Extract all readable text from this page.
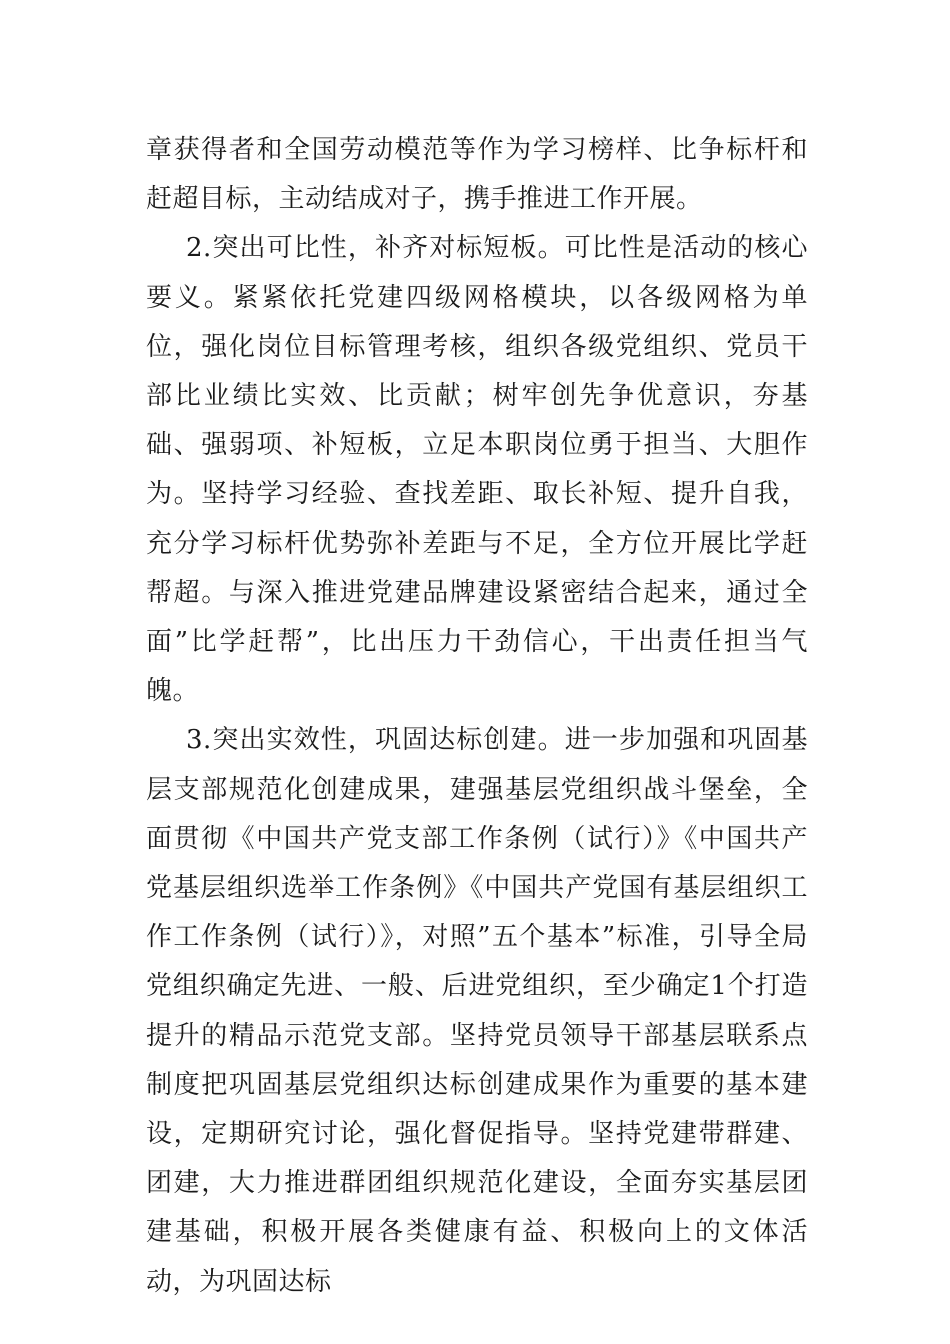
章获得者和全国劳动模范等作为学习榜样、比争标杆和赶超目标，主动结成对子，携手推进工作开展。

2.突出可比性，补齐对标短板。可比性是活动的核心要义。紧紧依托党建四级网格模块，以各级网格为单位，强化岗位目标管理考核，组织各级党组织、党员干部比业绩比实效、比贡献；树牢创先争优意识，夯基础、强弱项、补短板，立足本职岗位勇于担当、大胆作为。坚持学习经验、查找差距、取长补短、提升自我，充分学习标杆优势弥补差距与不足，全方位开展比学赶帮超。与深入推进党建品牌建设紧密结合起来，通过全面”比学赶帮”，比出压力干劲信心，干出责任担当气魄。

3.突出实效性，巩固达标创建。进一步加强和巩固基层支部规范化创建成果，建强基层党组织战斗堡垒，全面贯彻《中国共产党支部工作条例（试行）》《中国共产党基层组织选举工作条例》《中国共产党国有基层组织工作工作条例（试行）》，对照”五个基本”标准，引导全局党组织确定先进、一般、后进党组织，至少确定1个打造提升的精品示范党支部。坚持党员领导干部基层联系点制度把巩固基层党组织达标创建成果作为重要的基本建设，定期研究讨论，强化督促指导。坚持党建带群建、团建，大力推进群团组织规范化建设，全面夯实基层团建基础，积极开展各类健康有益、积极向上的文体活动，为巩固达标
